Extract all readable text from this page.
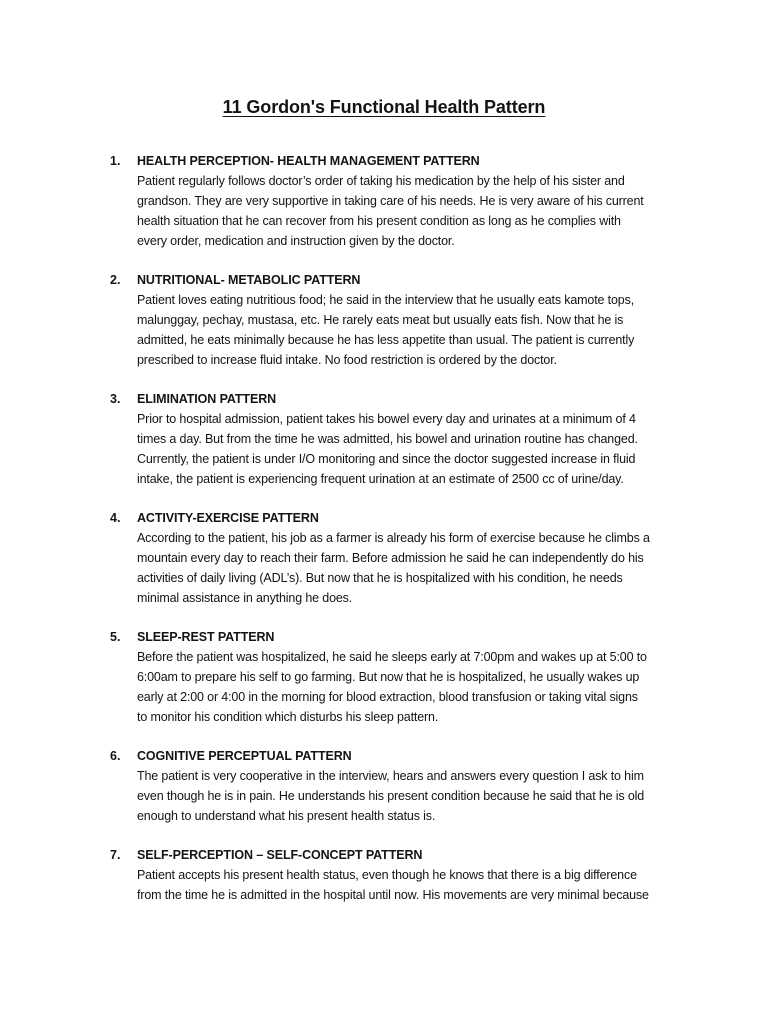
11 Gordon's Functional Health Pattern
1. HEALTH PERCEPTION- HEALTH MANAGEMENT PATTERN

Patient regularly follows doctor’s order of taking his medication by the help of his sister and
grandson. They are very supportive in taking care of his needs. He is very aware of his current
health situation that he can recover from his present condition as long as he complies with
every order, medication and instruction given by the doctor.

2. NUTRITIONAL- METABOLIC PATTERN

Patient loves eating nutritious food; he said in the interview that he usually eats kamote tops,
malunggay, pechay, mustasa, etc. He rarely eats meat but usually eats fish. Now that he is
admitted, he eats minimally because he has less appetite than usual. The patient is currently
prescribed to increase fluid intake. No food restriction is ordered by the doctor.

3. ELIMINATION PATTERN

Prior to hospital admission, patient takes his bowel every day and urinates at a minimum of 4
times a day. But from the time he was admitted, his bowel and urination routine has changed.
Currently, the patient is under I/O monitoring and since the doctor suggested increase in fluid
intake, the patient is experiencing frequent urination at an estimate of 2500 cc of urine/day.

4. ACTIVITY-EXERCISE PATTERN

According to the patient, his job as a farmer is already his form of exercise because he climbs a
mountain every day to reach their farm. Before admission he said he can independently do his
activities of daily living (ADL’s). But now that he is hospitalized with his condition, he needs
minimal assistance in anything he does.

5. SLEEP-REST PATTERN

Before the patient was hospitalized, he said he sleeps early at 7:00pm and wakes up at 5:00 to
6:00am to prepare his self to go farming. But now that he is hospitalized, he usually wakes up
early at 2:00 or 4:00 in the morning for blood extraction, blood transfusion or taking vital signs
to monitor his condition which disturbs his sleep pattern.

6. COGNITIVE PERCEPTUAL PATTERN

The patient is very cooperative in the interview, hears and answers every question I ask to him
even though he is in pain. He understands his present condition because he said that he is old
enough to understand what his present health status is.

7. SELF-PERCEPTION – SELF-CONCEPT PATTERN

Patient accepts his present health status, even though he knows that there is a big difference
from the time he is admitted in the hospital until now. His movements are very minimal because
